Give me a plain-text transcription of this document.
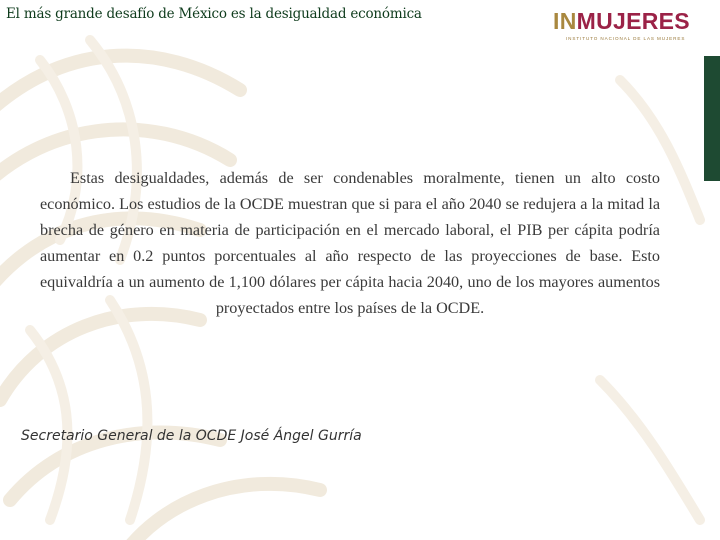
El más grande desafío de México es la desigualdad económica	INMUJERES
INSTITUTO NACIONAL DE LAS MUJERES
Estas desigualdades, además de ser condenables moralmente, tienen un alto costo económico. Los estudios de la OCDE muestran que si para el año 2040 se redujera a la mitad la brecha de género en materia de participación en el mercado laboral, el PIB per cápita podría aumentar en 0.2 puntos porcentuales al año respecto de las proyecciones de base. Esto equivaldría a un aumento de 1,100 dólares per cápita hacia 2040, uno de los mayores aumentos proyectados entre los países de la OCDE.
Secretario General de la OCDE José Ángel Gurría
